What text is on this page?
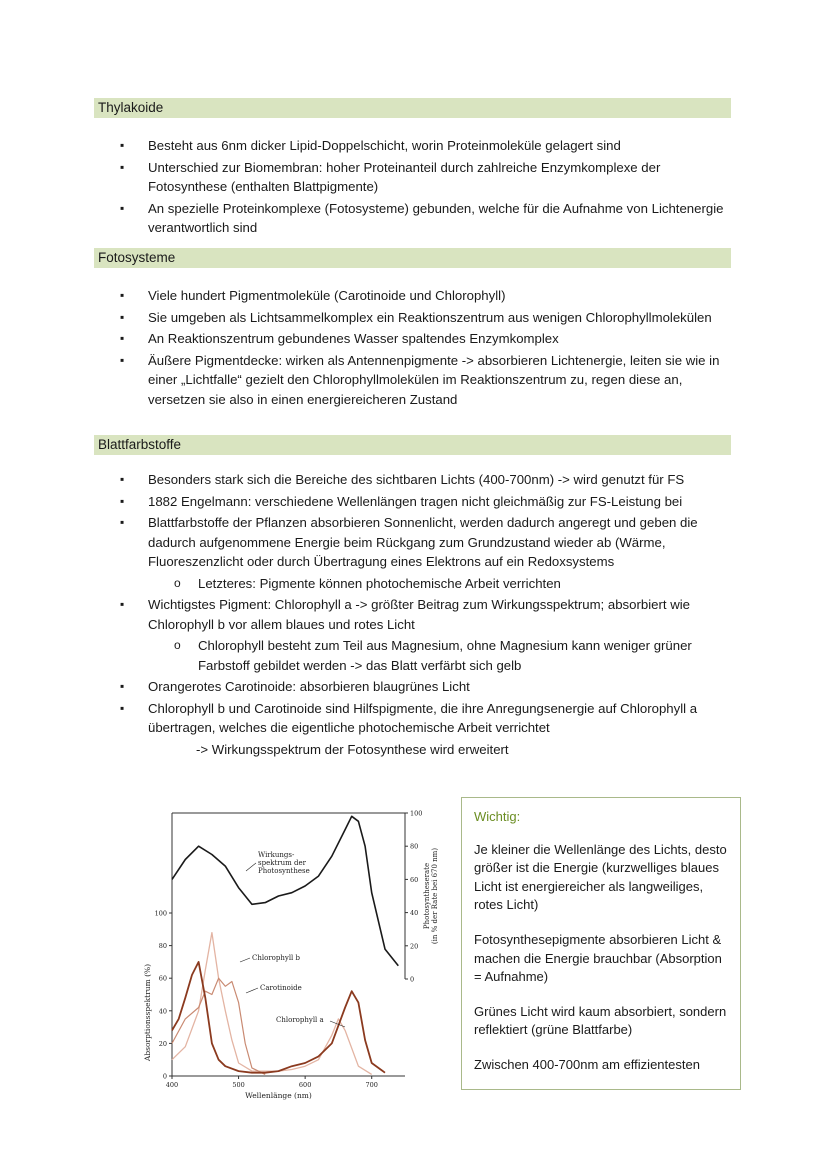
Thylakoide
▪ Besteht aus 6nm dicker Lipid-Doppelschicht, worin Proteinmoleküle gelagert sind
▪ Unterschied zur Biomembran: hoher Proteinanteil durch zahlreiche Enzymkomplexe der Fotosynthese (enthalten Blattpigmente)
▪ An spezielle Proteinkomplexe (Fotosysteme) gebunden, welche für die Aufnahme von Lichtenergie verantwortlich sind
Fotosysteme
▪ Viele hundert Pigmentmoleküle (Carotinoide und Chlorophyll)
▪ Sie umgeben als Lichtsammelkomplex ein Reaktionszentrum aus wenigen Chlorophyllmolekülen
▪ An Reaktionszentrum gebundenes Wasser spaltendes Enzymkomplex
▪ Äußere Pigmentdecke: wirken als Antennenpigmente -> absorbieren Lichtenergie, leiten sie wie in einer „Lichtfalle“ gezielt den Chlorophyllmolekülen im Reaktionszentrum zu, regen diese an, versetzen sie also in einen energiereicheren Zustand
Blattfarbstoffe
▪ Besonders stark sich die Bereiche des sichtbaren Lichts (400-700nm) -> wird genutzt für FS
▪ 1882 Engelmann: verschiedene Wellenlängen tragen nicht gleichmäßig zur FS-Leistung bei
▪ Blattfarbstoffe der Pflanzen absorbieren Sonnenlicht, werden dadurch angeregt und geben die dadurch aufgenommene Energie beim Rückgang zum Grundzustand wieder ab (Wärme, Fluoreszenzlicht oder durch Übertragung eines Elektrons auf ein Redoxsystems
o Letzteres: Pigmente können photochemische Arbeit verrichten
▪ Wichtigstes Pigment: Chlorophyll a -> größter Beitrag zum Wirkungsspektrum; absorbiert wie Chlorophyll b vor allem blaues und rotes Licht
o Chlorophyll besteht zum Teil aus Magnesium, ohne Magnesium kann weniger grüner Farbstoff gebildet werden -> das Blatt verfärbt sich gelb
▪ Orangerotes Carotinoide: absorbieren blaugrünes Licht
▪ Chlorophyll b und Carotinoide sind Hilfspigmente, die ihre Anregungsenergie auf Chlorophyll a übertragen, welches die eigentliche photochemische Arbeit verrichtet
-> Wirkungsspektrum der Fotosynthese wird erweitert
0
20
40
60
80
100
0
20
40
60
80
100
400	500	600	700
Wellenlänge (nm)
Absorptionsspektrum (%)
Photosyntheserate (in % der Rate bei 670 nm)
Wirkungs-
spektrum der
Photosynthese
Chlorophyll b
Carotinoide
Chlorophyll a
Wichtig:

Je kleiner die Wellenlänge des Lichts, desto größer ist die Energie (kurzwelliges blaues Licht ist energiereicher als langweiliges, rotes Licht)

Fotosynthesepigmente absorbieren Licht & machen die Energie brauchbar (Absorption = Aufnahme)

Grünes Licht wird kaum absorbiert, sondern reflektiert (grüne Blattfarbe)

Zwischen 400-700nm am effizientesten
